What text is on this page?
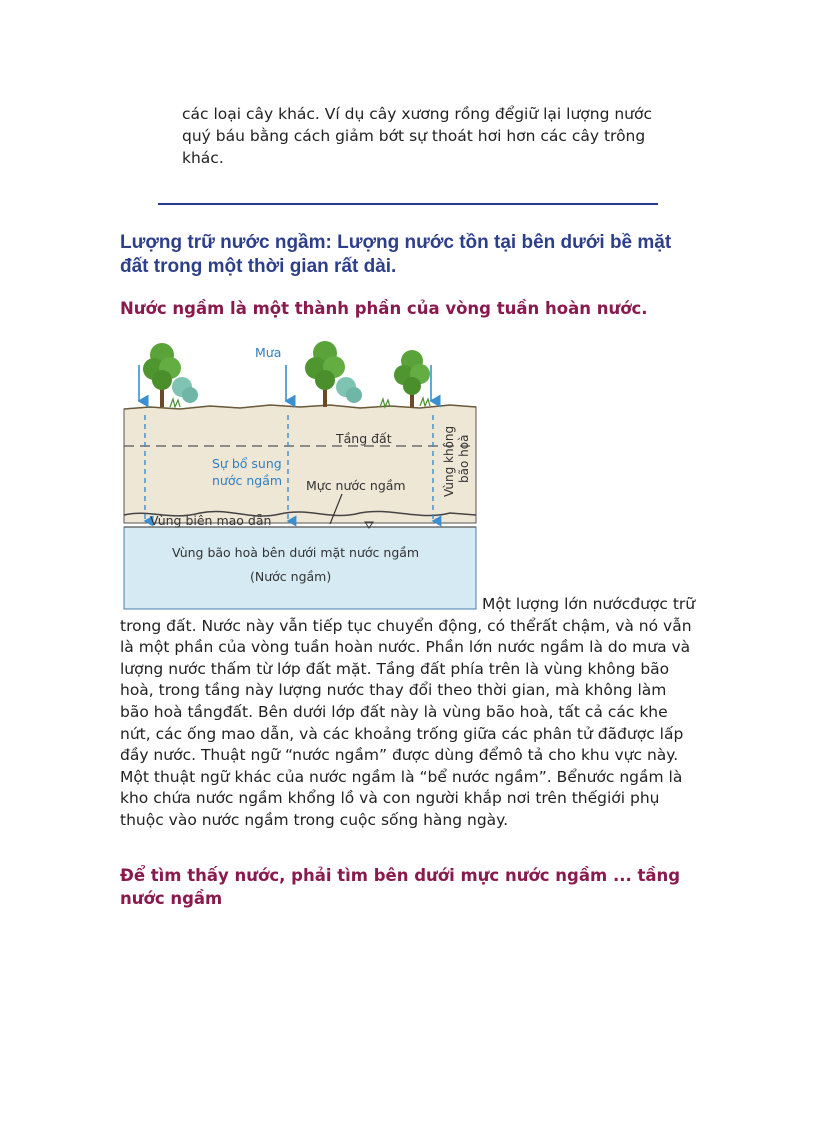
các loại cây khác. Ví dụ cây xương rồng đểgiữ lại lượng nước quý báu bằng cách giảm bớt sự thoát hơi hơn các cây trông khác.
Lượng trữ nước ngầm: Lượng nước tồn tại bên dưới bề mặt đất trong một thời gian rất dài.
Nước ngầm là một thành phần của vòng tuần hoàn nước.
Mưa
Tầng đất
Sự bổ sung
nước ngầm Mực nước ngầm	Vùng không bão hoà
Vùng biên mao dẫn
Vùng bão hoà bên dưới mặt nước ngầm
(Nước ngầm)
Một lượng lớn nướcđược trữ trong đất. Nước này vẫn tiếp tục chuyển động, có thểrất chậm, và nó vẫn là một phần của vòng tuần hoàn nước. Phần lớn nước ngầm là do mưa và lượng nước thấm từ lớp đất mặt. Tầng đất phía trên là vùng không bão hoà, trong tầng này lượng nước thay đổi theo thời gian, mà không làm bão hoà tầngđất. Bên dưới lớp đất này là vùng bão hoà, tất cả các khe nứt, các ống mao dẫn, và các khoảng trống giữa các phân tử đãđược lấp đầy nước. Thuật ngữ “nước ngầm” được dùng đểmô tả cho khu vực này. Một thuật ngữ khác của nước ngầm là “bể nước ngầm”. Bểnước ngầm là kho chứa nước ngầm khổng lồ và con người khắp nơi trên thếgiới phụ thuộc vào nước ngầm trong cuộc sống hàng ngày.
Để tìm thấy nước, phải tìm bên dưới mực nước ngầm ... tầng nước ngầm
